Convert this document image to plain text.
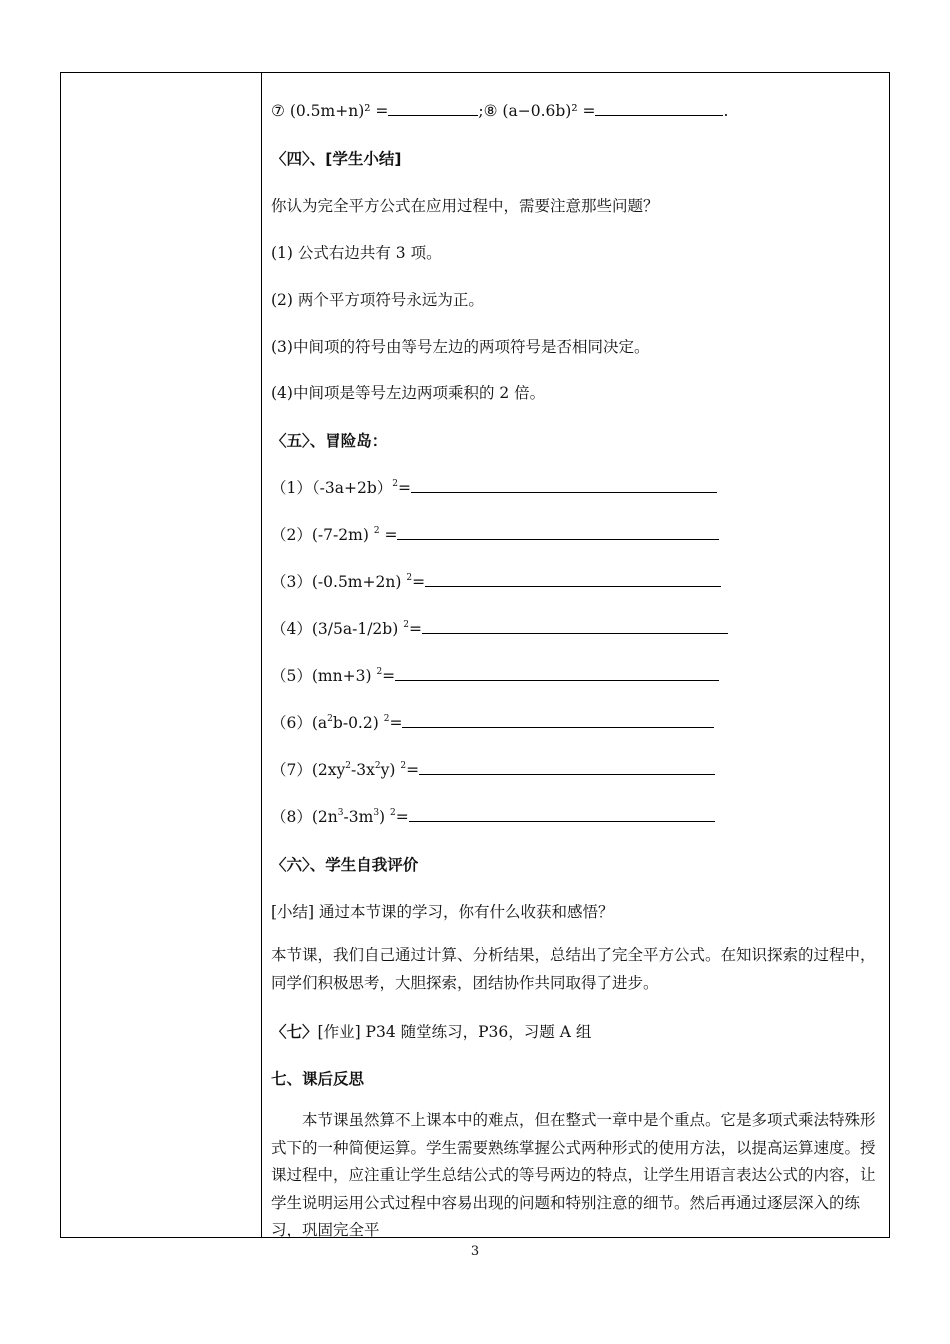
⑦ (0.5m+n)² =	;⑧ (a−0.6b)² =	.
〈四〉、[学生小结]
你认为完全平方公式在应用过程中，需要注意那些问题？
(1) 公式右边共有 3 项。
(2) 两个平方项符号永远为正。
(3)中间项的符号由等号左边的两项符号是否相同决定。
(4)中间项是等号左边两项乘积的 2 倍。
〈五〉、冒险岛：
$(1)(-3a+2b)^2=$
（2）(-7-2m) $^2$ =
（3）(-0.5m+2n) $^2$=
（4）(3/5a-1/2b) $^2$=
（5）(mn+3) $^2$=
$(6)(a^2b-0.2)$ $^2$=
$(7)(2xy^2-3x^2y)$ $^2$=
$(8)(2n^3-3m^3)$ $^2$=
〈六〉、学生自我评价
[小结] 通过本节课的学习，你有什么收获和感悟？
本节课，我们自己通过计算、分析结果，总结出了完全平方公式。在知识探索的过程中，同学们积极思考，大胆探索，团结协作共同取得了进步。
〈七〉[作业] P34 随堂练习，P36，习题 A 组
七、课后反思
本节课虽然算不上课本中的难点，但在整式一章中是个重点。它是多项式乘法特殊形式下的一种简便运算。学生需要熟练掌握公式两种形式的使用方法，以提高运算速度。授课过程中，应注重让学生总结公式的等号两边的特点，让学生用语言表达公式的内容，让学生说明运用公式过程中容易出现的问题和特别注意的细节。然后再通过逐层深入的练习，巩固完全平
3
